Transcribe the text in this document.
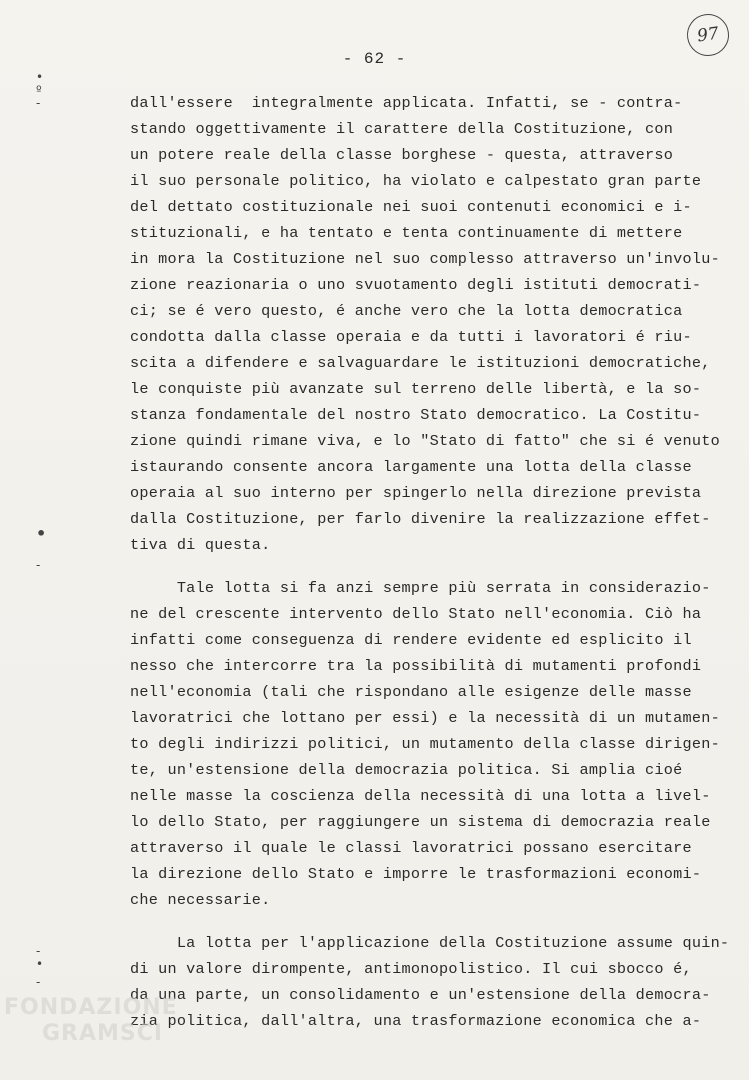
- 62 -
97
•
º
-
•
-
-
•
-
dall'essere  integralmente applicata. Infatti, se - contra-
stando oggettivamente il carattere della Costituzione, con
un potere reale della classe borghese - questa, attraverso
il suo personale politico, ha violato e calpestato gran parte
del dettato costituzionale nei suoi contenuti economici e i-
stituzionali, e ha tentato e tenta continuamente di mettere
in mora la Costituzione nel suo complesso attraverso un'involu-
zione reazionaria o uno svuotamento degli istituti democrati-
ci; se é vero questo, é anche vero che la lotta democratica
condotta dalla classe operaia e da tutti i lavoratori é riu-
scita a difendere e salvaguardare le istituzioni democratiche,
le conquiste più avanzate sul terreno delle libertà, e la so-
stanza fondamentale del nostro Stato democratico. La Costitu-
zione quindi rimane viva, e lo "Stato di fatto" che si é venuto
istaurando consente ancora largamente una lotta della classe
operaia al suo interno per spingerlo nella direzione prevista
dalla Costituzione, per farlo divenire la realizzazione effet-
tiva di questa.
Tale lotta si fa anzi sempre più serrata in considerazio-
ne del crescente intervento dello Stato nell'economia. Ciò ha
infatti come conseguenza di rendere evidente ed esplicito il
nesso che intercorre tra la possibilità di mutamenti profondi
nell'economia (tali che rispondano alle esigenze delle masse
lavoratrici che lottano per essi) e la necessità di un mutamen-
to degli indirizzi politici, un mutamento della classe dirigen-
te, un'estensione della democrazia politica. Si amplia cioé
nelle masse la coscienza della necessità di una lotta a livel-
lo dello Stato, per raggiungere un sistema di democrazia reale
attraverso il quale le classi lavoratrici possano esercitare
la direzione dello Stato e imporre le trasformazioni economi-
che necessarie.
La lotta per l'applicazione della Costituzione assume quin-
di un valore dirompente, antimonopolistico. Il cui sbocco é,
da una parte, un consolidamento e un'estensione della democra-
zia politica, dall'altra, una trasformazione economica che a-
FONDAZIONE
GRAMSCI
